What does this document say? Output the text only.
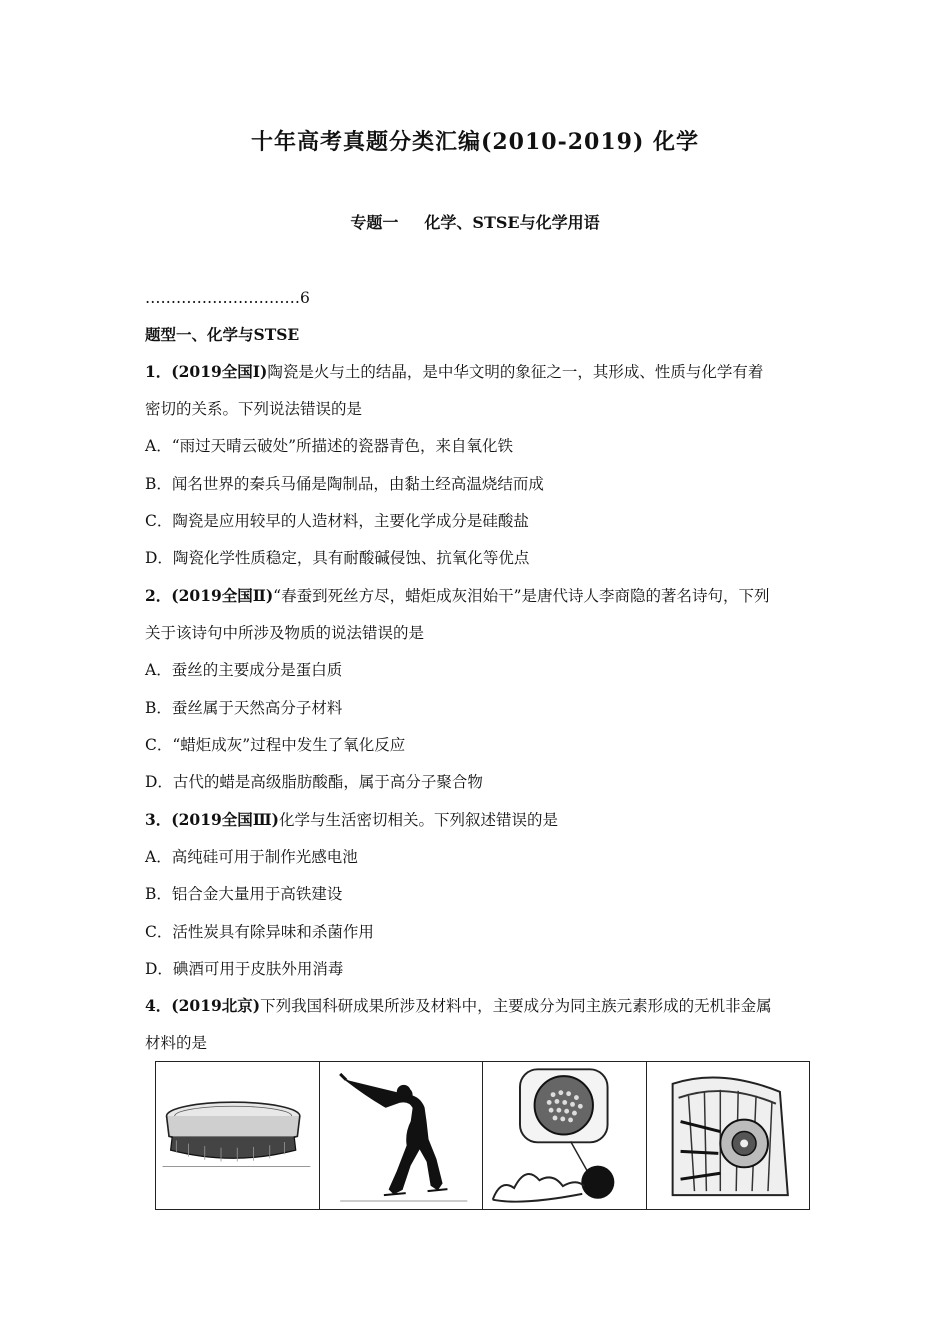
十年高考真题分类汇编(2010-2019) 化学
专题一 化学、STSE与化学用语
…………………………6
题型一、化学与STSE
1．(2019全国Ⅰ)陶瓷是火与土的结晶，是中华文明的象征之一，其形成、性质与化学有着
密切的关系。下列说法错误的是
A．“雨过天晴云破处”所描述的瓷器青色，来自氧化铁
B．闻名世界的秦兵马俑是陶制品，由黏土经高温烧结而成
C．陶瓷是应用较早的人造材料，主要化学成分是硅酸盐
D．陶瓷化学性质稳定，具有耐酸碱侵蚀、抗氧化等优点
2．(2019全国Ⅱ)“春蚕到死丝方尽，蜡炬成灰泪始干”是唐代诗人李商隐的著名诗句，下列
关于该诗句中所涉及物质的说法错误的是
A．蚕丝的主要成分是蛋白质
B．蚕丝属于天然高分子材料
C．“蜡炬成灰”过程中发生了氧化反应
D．古代的蜡是高级脂肪酸酯，属于高分子聚合物
3．(2019全国Ⅲ)化学与生活密切相关。下列叙述错误的是
A．高纯硅可用于制作光感电池
B．铝合金大量用于高铁建设
C．活性炭具有除异味和杀菌作用
D．碘酒可用于皮肤外用消毒
4．(2019北京)下列我国科研成果所涉及材料中，主要成分为同主族元素形成的无机非金属
材料的是
